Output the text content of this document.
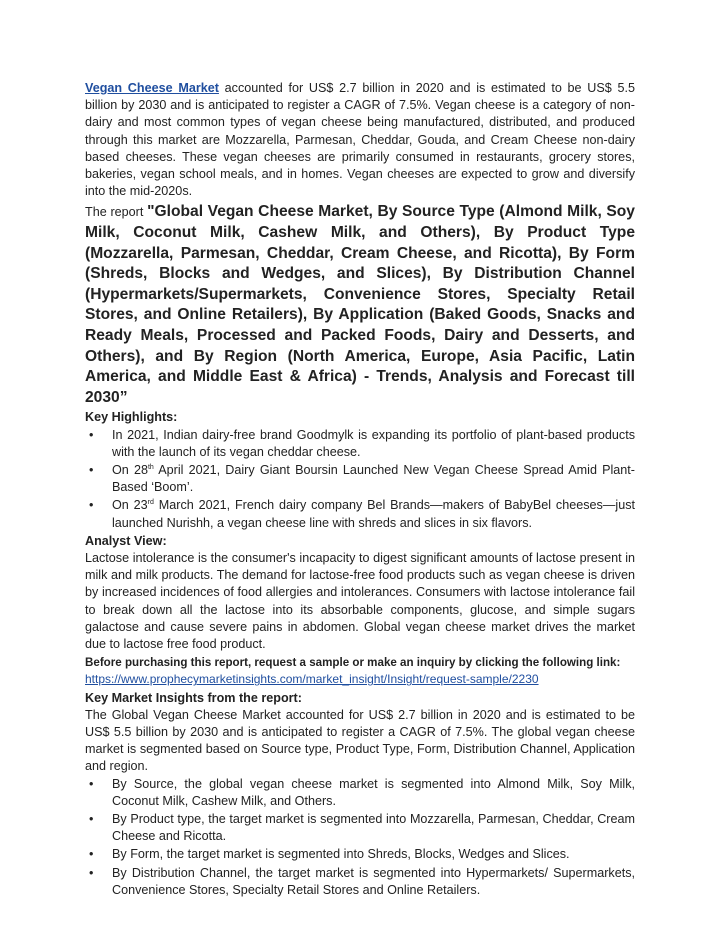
Vegan Cheese Market accounted for US$ 2.7 billion in 2020 and is estimated to be US$ 5.5 billion by 2030 and is anticipated to register a CAGR of 7.5%. Vegan cheese is a category of non-dairy and most common types of vegan cheese being manufactured, distributed, and produced through this market are Mozzarella, Parmesan, Cheddar, Gouda, and Cream Cheese non-dairy based cheeses. These vegan cheeses are primarily consumed in restaurants, grocery stores, bakeries, vegan school meals, and in homes. Vegan cheeses are expected to grow and diversify into the mid-2020s.

The report "Global Vegan Cheese Market, By Source Type (Almond Milk, Soy Milk, Coconut Milk, Cashew Milk, and Others), By Product Type (Mozzarella, Parmesan, Cheddar, Cream Cheese, and Ricotta), By Form (Shreds, Blocks and Wedges, and Slices), By Distribution Channel (Hypermarkets/Supermarkets, Convenience Stores, Specialty Retail Stores, and Online Retailers), By Application (Baked Goods, Snacks and Ready Meals, Processed and Packed Foods, Dairy and Desserts, and Others), and By Region (North America, Europe, Asia Pacific, Latin America, and Middle East & Africa) - Trends, Analysis and Forecast till 2030”

Key Highlights:
• In 2021, Indian dairy-free brand Goodmylk is expanding its portfolio of plant-based products with the launch of its vegan cheddar cheese.
• On 28th April 2021, Dairy Giant Boursin Launched New Vegan Cheese Spread Amid Plant-Based ‘Boom’.
• On 23rd March 2021, French dairy company Bel Brands—makers of BabyBel cheeses—just launched Nurishh, a vegan cheese line with shreds and slices in six flavors.
Analyst View:

Lactose intolerance is the consumer's incapacity to digest significant amounts of lactose present in milk and milk products. The demand for lactose-free food products such as vegan cheese is driven by increased incidences of food allergies and intolerances. Consumers with lactose intolerance fail to break down all the lactose into its absorbable components, glucose, and simple sugars galactose and cause severe pains in abdomen. Global vegan cheese market drives the market due to lactose free food product.

Before purchasing this report, request a sample or make an inquiry by clicking the following link:
https://www.prophecymarketinsights.com/market_insight/Insight/request-sample/2230
Key Market Insights from the report:

The Global Vegan Cheese Market accounted for US$ 2.7 billion in 2020 and is estimated to be US$ 5.5 billion by 2030 and is anticipated to register a CAGR of 7.5%. The global vegan cheese market is segmented based on Source type, Product Type, Form, Distribution Channel, Application and region.

• By Source, the global vegan cheese market is segmented into Almond Milk, Soy Milk, Coconut Milk, Cashew Milk, and Others.
• By Product type, the target market is segmented into Mozzarella, Parmesan, Cheddar, Cream Cheese and Ricotta.
• By Form, the target market is segmented into Shreds, Blocks, Wedges and Slices.
• By Distribution Channel, the target market is segmented into Hypermarkets/ Supermarkets, Convenience Stores, Specialty Retail Stores and Online Retailers.
